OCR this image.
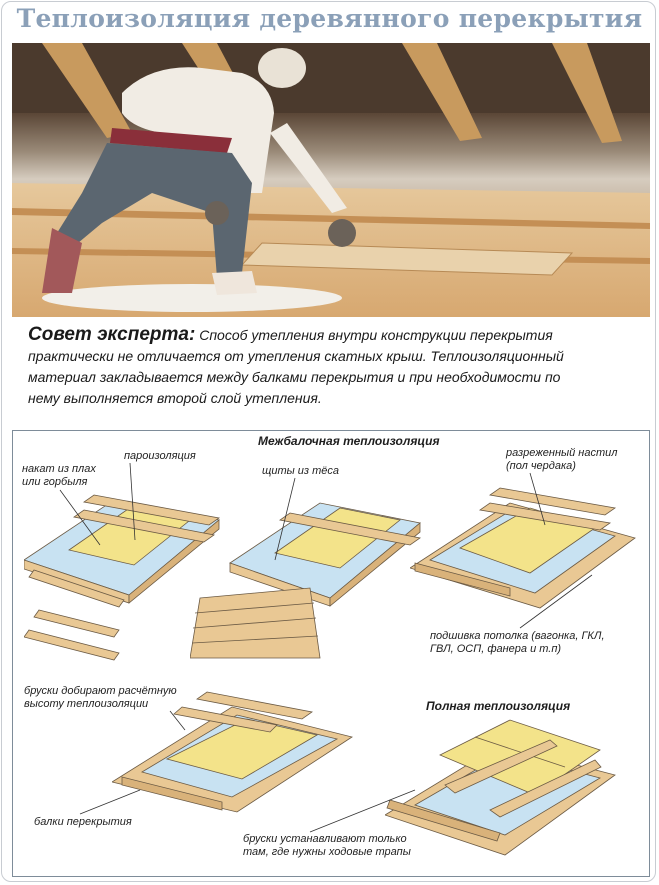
Теплоизоляция деревянного перекрытия
Совет эксперта: Способ утепления внутри конструкции перекрытия
практически не отличается от утепления скатных крыш. Теплоизоляционный
материал закладывается между балками перекрытия и при необходимости по
нему выполняется второй слой утепления.
Межбалочная теплоизоляция
Полная теплоизоляция
накат из плах
или горбыля
пароизоляция
щиты из тёса
разреженный настил
(пол чердака)
подшивка потолка (вагонка, ГКЛ,
ГВЛ, ОСП, фанера и т.п)
бруски добирают расчётную
высоту теплоизоляции
балки перекрытия
бруски устанавливают только
там, где нужны ходовые трапы
